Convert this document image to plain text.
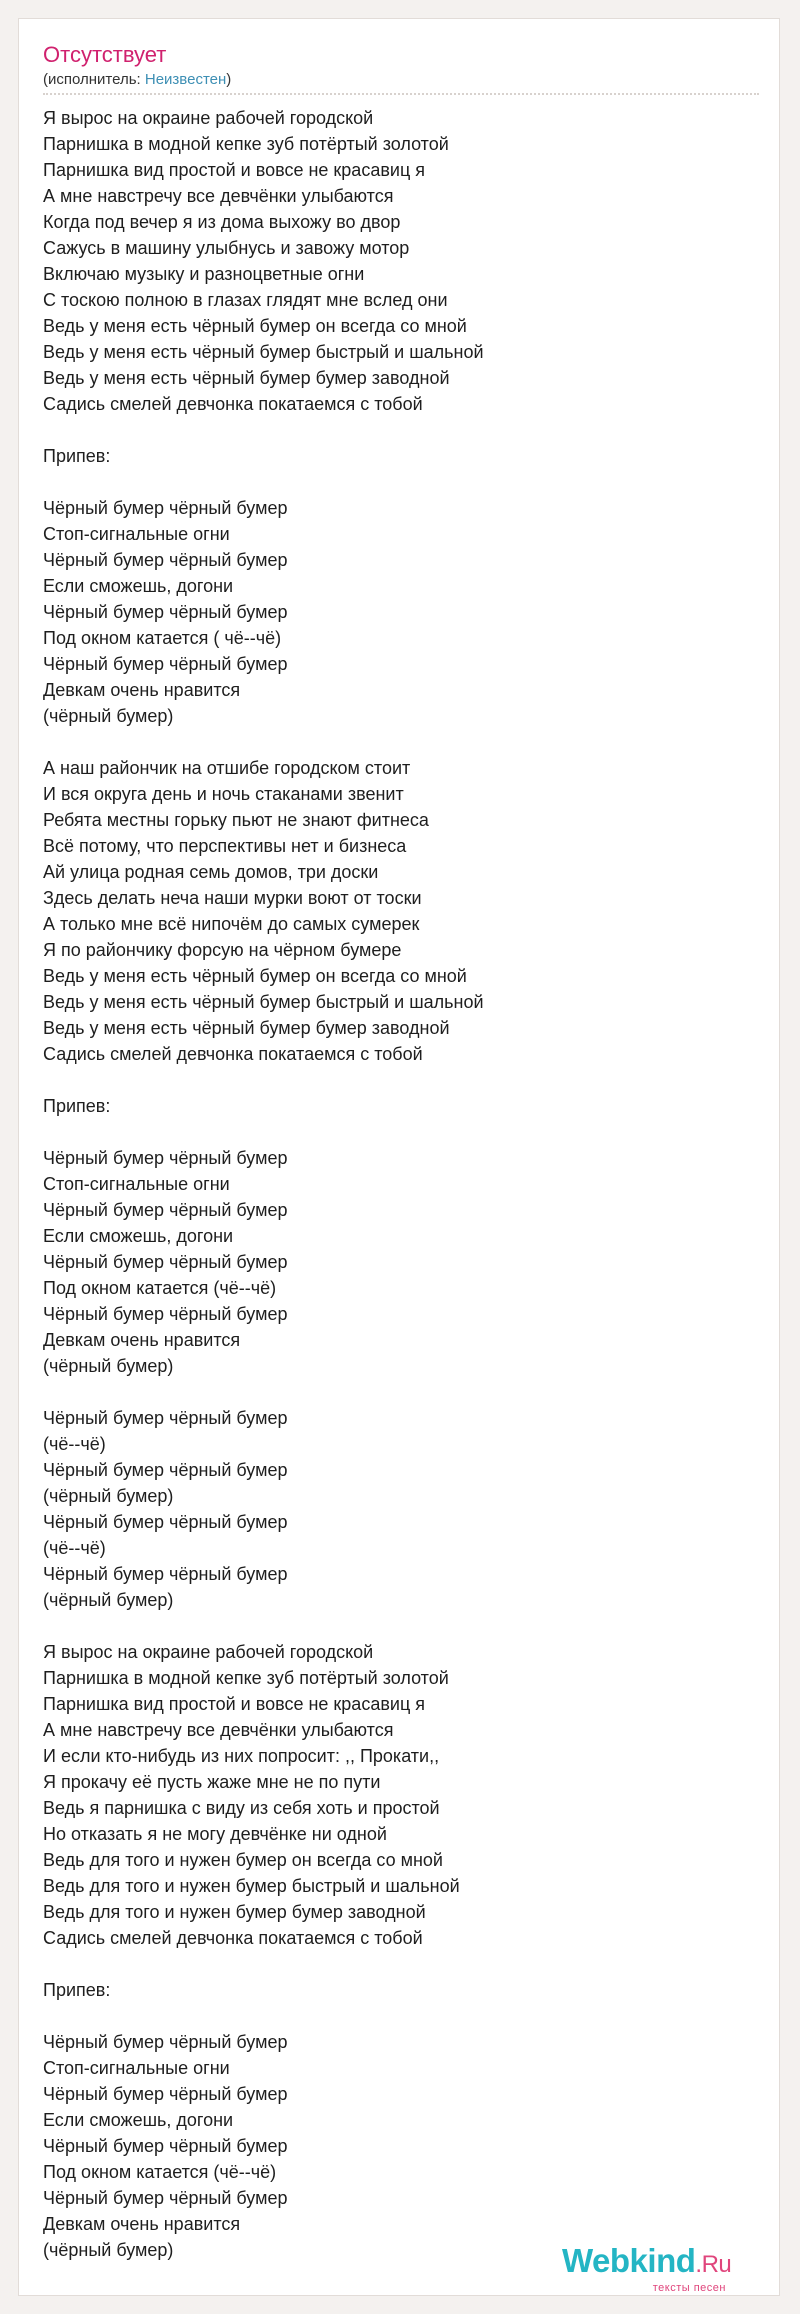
Отсутствует
(исполнитель: Неизвестен)
Я вырос на окраине рабочей городской
Парнишка в модной кепке зуб потёртый золотой
Парнишка вид простой и вовсе не красавиц я
А мне навстречу все девчёнки улыбаются
Когда под вечер я из дома выхожу во двор
Сажусь в машину улыбнусь и завожу мотор
Включаю музыку и разноцветные огни
С тоскою полною в глазах глядят мне вслед они
Ведь у меня есть чёрный бумер он всегда со мной
Ведь у меня есть чёрный бумер быстрый и шальной
Ведь у меня есть чёрный бумер бумер заводной
Садись смелей девчонка покатаемся с тобой
Припев:
Чёрный бумер чёрный бумер
Стоп-сигнальные огни
Чёрный бумер чёрный бумер
Если сможешь, догони
Чёрный бумер чёрный бумер
Под окном катается ( чё--чё)
Чёрный бумер чёрный бумер
Девкам очень нравится
(чёрный бумер)
А наш райончик на отшибе городском стоит
И вся округа день и ночь стаканами звенит
Ребята местны горьку пьют не знают фитнеса
Всё потому, что перспективы нет и бизнеса
Ай улица родная семь домов, три доски
Здесь делать неча наши мурки воют от тоски
А только мне всё нипочём до самых сумерек
Я по райончику форсую на чёрном бумере
Ведь у меня есть чёрный бумер он всегда со мной
Ведь у меня есть чёрный бумер быстрый и шальной
Ведь у меня есть чёрный бумер бумер заводной
Садись смелей девчонка покатаемся с тобой
Припев:
Чёрный бумер чёрный бумер
Стоп-сигнальные огни
Чёрный бумер чёрный бумер
Если сможешь, догони
Чёрный бумер чёрный бумер
Под окном катается (чё--чё)
Чёрный бумер чёрный бумер
Девкам очень нравится
(чёрный бумер)
Чёрный бумер чёрный бумер
(чё--чё)
Чёрный бумер чёрный бумер
(чёрный бумер)
Чёрный бумер чёрный бумер
(чё--чё)
Чёрный бумер чёрный бумер
(чёрный бумер)
Я вырос на окраине рабочей городской
Парнишка в модной кепке зуб потёртый золотой
Парнишка вид простой и вовсе не красавиц я
А мне навстречу все девчёнки улыбаются
И если кто-нибудь из них попросит: ,, Прокати,,
Я прокачу её пусть жаже мне не по пути
Ведь я парнишка с виду из себя хоть и простой
Но отказать я не могу девчёнке ни одной
Ведь для того и нужен бумер он всегда со мной
Ведь для того и нужен бумер быстрый и шальной
Ведь для того и нужен бумер бумер заводной
Садись смелей девчонка покатаемся с тобой
Припев:
Чёрный бумер чёрный бумер
Стоп-сигнальные огни
Чёрный бумер чёрный бумер
Если сможешь, догони
Чёрный бумер чёрный бумер
Под окном катается (чё--чё)
Чёрный бумер чёрный бумер
Девкам очень нравится
(чёрный бумер)	Webkind.Ru
тексты песен
